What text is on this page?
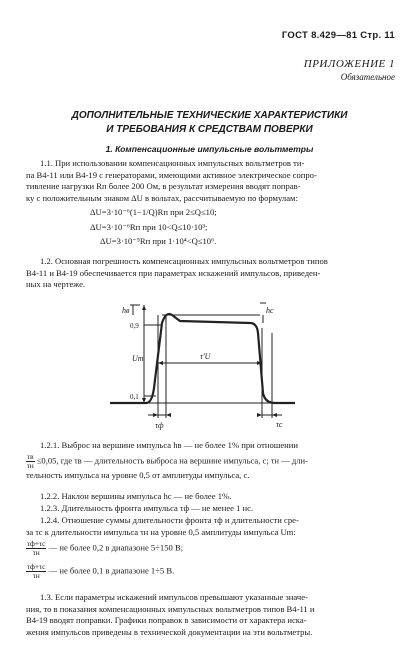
ГОСТ 8.429—81 Стр. 11
ПРИЛОЖЕНИЕ 1
Обязательное
ДОПОЛНИТЕЛЬНЫЕ ТЕХНИЧЕСКИЕ ХАРАКТЕРИСТИКИ
И ТРЕБОВАНИЯ К СРЕДСТВАМ ПОВЕРКИ
1. Компенсационные импульсные вольтметры
1.1. При использовании компенсационных импульсных вольтметров ти-
па В4-11 или В4-19 с генераторами, имеющими активное электрическое сопро-
тивление нагрузки Rп более 200 Ом, в результат измерения вводят поправ-
ку с положительным знаком ΔU в вольтах, рассчитываемую по формулам:
ΔU=3·10⁻⁶(1−1/Q)Rп при 2≤Q≤10;
ΔU=3·10⁻⁶Rп при 10<Q≤10·10³;
ΔU=3·10⁻⁵Rп при 1·10⁴<Q≤10⁶.
1.2. Основная погрешность компенсационных импульсных вольтметров типов
В4-11 и В4-19 обеспечивается при параметрах искажений импульсов, приведен-
ных на чертеже.
hв	hс
0,9
0,1
τ′U
Um
τф	τс
1.2.1. Выброс на вершине импульса hв — не более 1% при отношении
$\frac{\tau в}{\tau н} \le 0,05$, где τв — длительность выброса на вершине импульса, с; τн — дли-
тельность импульса на уровне 0,5 от амплитуды импульса, с.
1.2.2. Наклон вершины импульса hс — не более 1%.
1.2.3. Длительность фронта импульса τф — не менее 1 нс.
1.2.4. Отношение суммы длительности фронта τф и длительности сре-
за τс к длительности импульса τн на уровне 0,5 амплитуды импульса Um:
$\frac{\tau ф+\tau с}{\tau н}$ — не более 0,2 в диапазоне 5÷150 В;
$\frac{\tau ф+\tau с}{\tau н}$ — не более 0,1 в диапазоне 1÷5 В.
1.3. Если параметры искажений импульсов превышают указанные значе-
ния, то в показания компенсационных импульсных вольтметров типов В4-11 и
В4-19 вводят поправки. Графики поправок в зависимости от характера иска-
жения импульсов приведены в технической документации на эти вольтметры.
